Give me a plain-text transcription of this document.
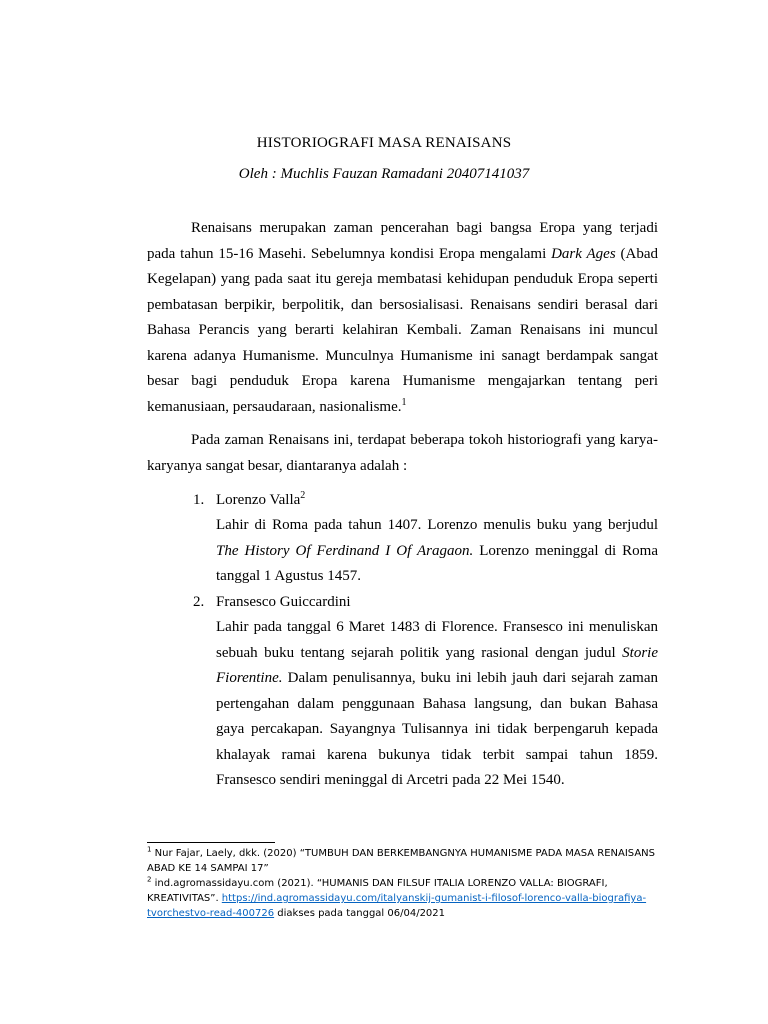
HISTORIOGRAFI MASA RENAISANS
Oleh : Muchlis Fauzan Ramadani 20407141037

Renaisans merupakan zaman pencerahan bagi bangsa Eropa yang terjadi pada tahun 15-16 Masehi. Sebelumnya kondisi Eropa mengalami Dark Ages (Abad Kegelapan) yang pada saat itu gereja membatasi kehidupan penduduk Eropa seperti pembatasan berpikir, berpolitik, dan bersosialisasi. Renaisans sendiri berasal dari Bahasa Perancis yang berarti kelahiran Kembali. Zaman Renaisans ini muncul karena adanya Humanisme. Munculnya Humanisme ini sanagt berdampak sangat besar bagi penduduk Eropa karena Humanisme mengajarkan tentang peri kemanusiaan, persaudaraan, nasionalisme.$^1$

Pada zaman Renaisans ini, terdapat beberapa tokoh historiografi yang karya-karyanya sangat besar, diantaranya adalah :

1. Lorenzo Valla$^2$

Lahir di Roma pada tahun 1407. Lorenzo menulis buku yang berjudul The History Of Ferdinand I Of Aragaon. Lorenzo meninggal di Roma tanggal 1 Agustus 1457.

2. Fransesco Guiccardini

Lahir pada tanggal 6 Maret 1483 di Florence. Fransesco ini menuliskan sebuah buku tentang sejarah politik yang rasional dengan judul Storie Fiorentine. Dalam penulisannya, buku ini lebih jauh dari sejarah zaman pertengahan dalam penggunaan Bahasa langsung, dan bukan Bahasa gaya percakapan. Sayangnya Tulisannya ini tidak berpengaruh kepada khalayak ramai karena bukunya tidak terbit sampai tahun 1859. Fransesco sendiri meninggal di Arcetri pada 22 Mei 1540.

$^1$ Nur Fajar, Laely, dkk. (2020) “TUMBUH DAN BERKEMBANGNYA HUMANISME PADA MASA RENAISANS ABAD KE 14 SAMPAI 17”

$^2$ ind.agromassidayu.com (2021). “HUMANIS DAN FILSUF ITALIA LORENZO VALLA: BIOGRAFI, KREATIVITAS”. https://ind.agromassidayu.com/italyanskij-gumanist-i-filosof-lorenco-valla-biografiya-tvorchestvo-read-400726 diakses pada tanggal 06/04/2021
